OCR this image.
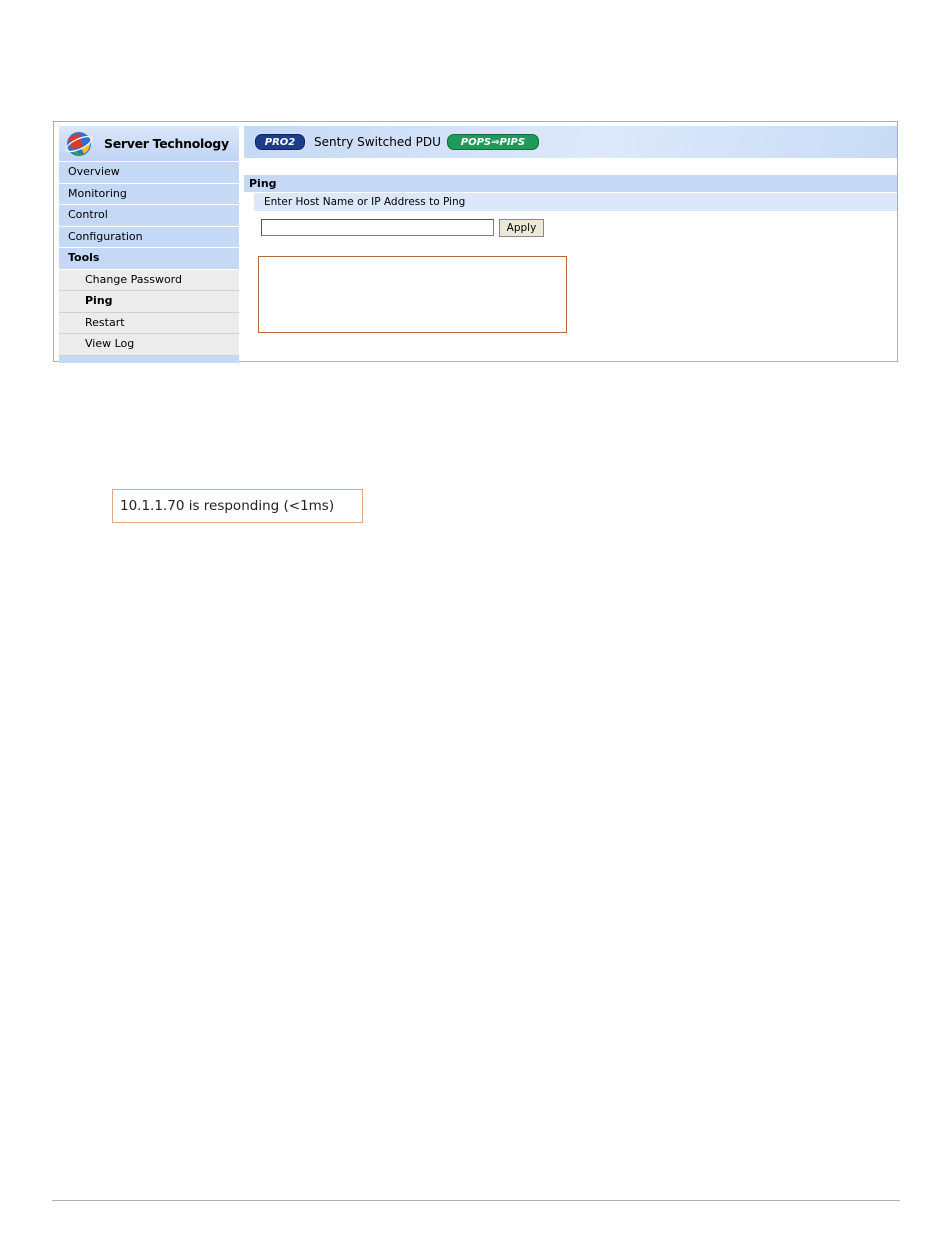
Server Technology
Overview
Monitoring
Control
Configuration
Tools
Change Password
Ping
Restart
View Log
PRO2	Sentry Switched PDU	POPS⇒PIPS
Ping
Enter Host Name or IP Address to Ping
Apply
10.1.1.70 is responding (<1ms)
